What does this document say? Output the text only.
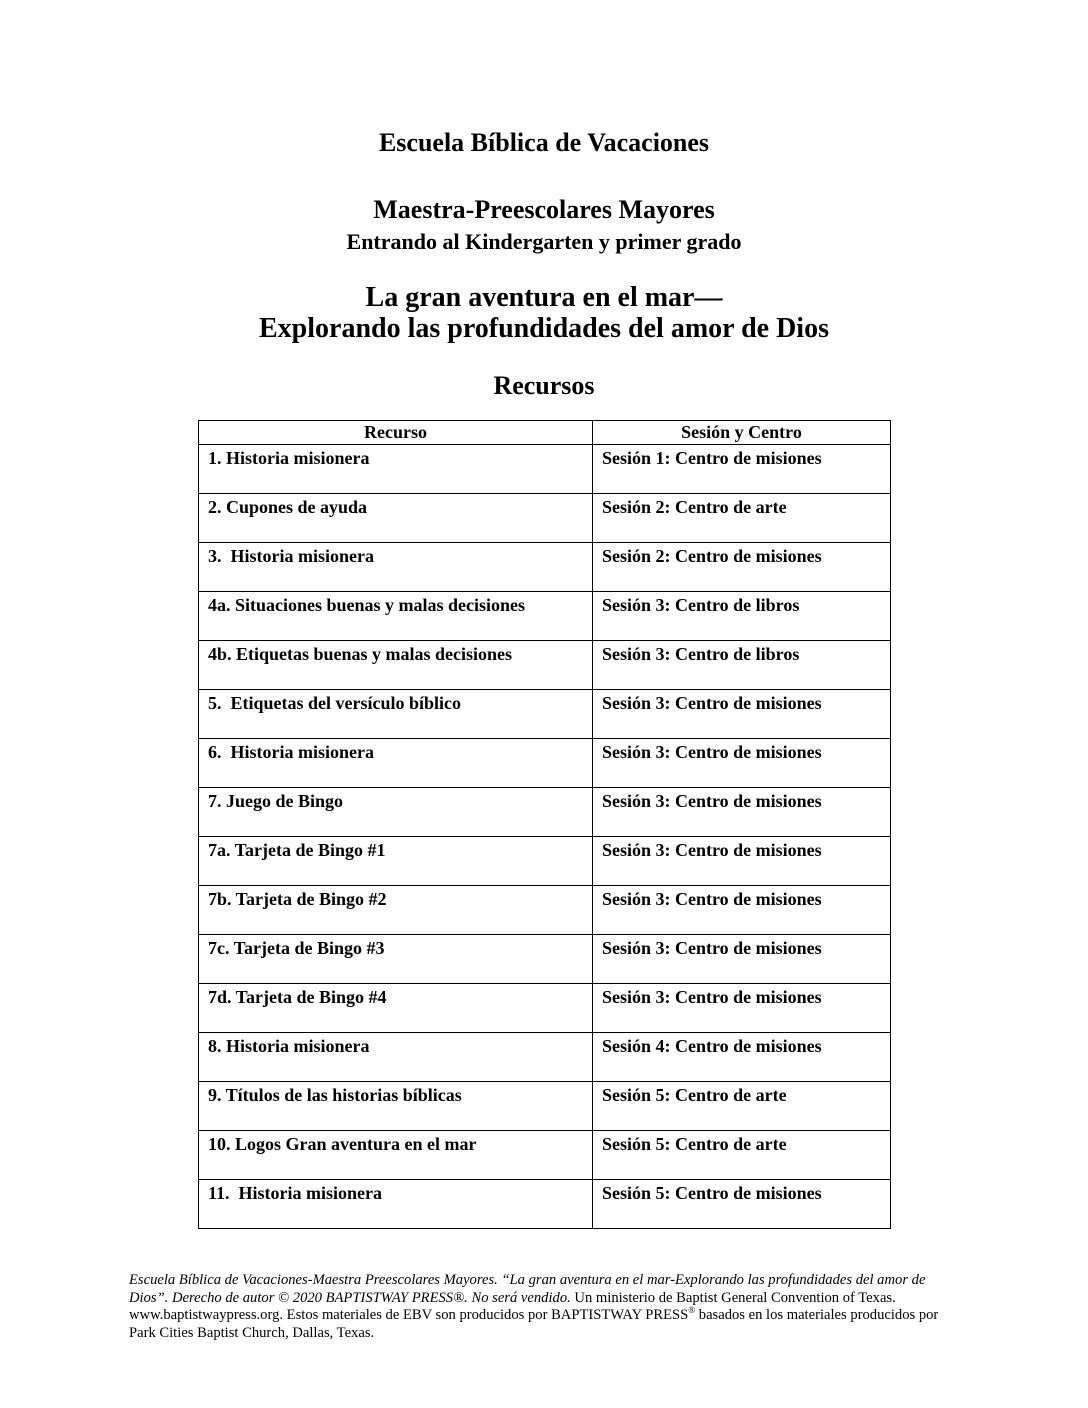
Escuela Bíblica de Vacaciones
Maestra-Preescolares Mayores
Entrando al Kindergarten y primer grado
La gran aventura en el mar—
Explorando las profundidades del amor de Dios
Recursos
Recurso	Sesión y Centro
1. Historia misionera	Sesión 1: Centro de misiones
2. Cupones de ayuda	Sesión 2: Centro de arte
3.  Historia misionera	Sesión 2: Centro de misiones
4a. Situaciones buenas y malas decisiones	Sesión 3: Centro de libros
4b. Etiquetas buenas y malas decisiones	Sesión 3: Centro de libros
5.  Etiquetas del versículo bíblico	Sesión 3: Centro de misiones
6.  Historia misionera	Sesión 3: Centro de misiones
7. Juego de Bingo	Sesión 3: Centro de misiones
7a. Tarjeta de Bingo #1	Sesión 3: Centro de misiones
7b. Tarjeta de Bingo #2	Sesión 3: Centro de misiones
7c. Tarjeta de Bingo #3	Sesión 3: Centro de misiones
7d. Tarjeta de Bingo #4	Sesión 3: Centro de misiones
8. Historia misionera	Sesión 4: Centro de misiones
9. Títulos de las historias bíblicas	Sesión 5: Centro de arte
10. Logos Gran aventura en el mar	Sesión 5: Centro de arte
11.  Historia misionera	Sesión 5: Centro de misiones

Escuela Bíblica de Vacaciones-Maestra Preescolares Mayores. “La gran aventura en el mar-Explorando las profundidades del amor de Dios”. Derecho de autor © 2020 BAPTISTWAY PRESS®. No será vendido. Un ministerio de Baptist General Convention of Texas. www.baptistwaypress.org. Estos materiales de EBV son producidos por BAPTISTWAY PRESS® basados en los materiales producidos por Park Cities Baptist Church, Dallas, Texas.
